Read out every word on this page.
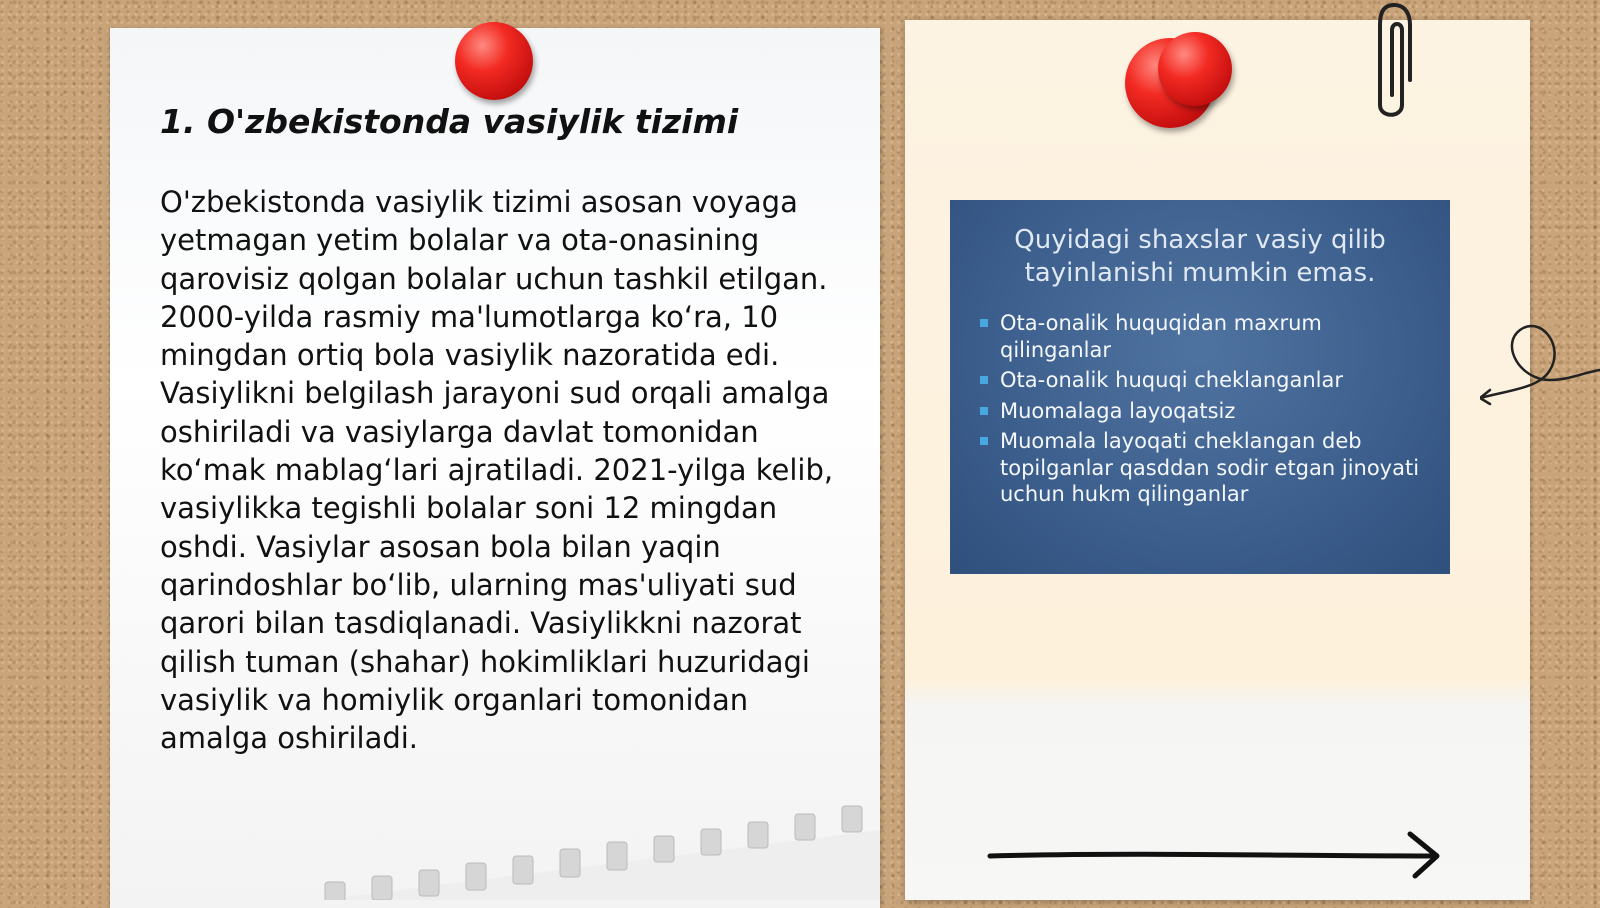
1. O'zbekistonda vasiylik tizimi

O'zbekistonda vasiylik tizimi asosan voyaga yetmagan yetim bolalar va ota-onasining qarovisiz qolgan bolalar uchun tashkil etilgan. 2000-yilda rasmiy ma'lumotlarga ko‘ra, 10 mingdan ortiq bola vasiylik nazoratida edi. Vasiylikni belgilash jarayoni sud orqali amalga oshiriladi va vasiylarga davlat tomonidan ko‘mak mablag‘lari ajratiladi. 2021-yilga kelib, vasiylikka tegishli bolalar soni 12 mingdan oshdi. Vasiylar asosan bola bilan yaqin qarindoshlar bo‘lib, ularning mas'uliyati sud qarori bilan tasdiqlanadi. Vasiylikkni nazorat qilish tuman (shahar) hokimliklari huzuridagi vasiylik va homiylik organlari tomonidan amalga oshiriladi.

Quyidagi shaxslar vasiy qilib tayinlanishi mumkin emas.

Ota-onalik huquqidan maxrum qilinganlar
Ota-onalik huquqi cheklanganlar
Muomalaga layoqatsiz
Muomala layoqati cheklangan deb topilganlar qasddan sodir etgan jinoyati uchun hukm qilinganlar
